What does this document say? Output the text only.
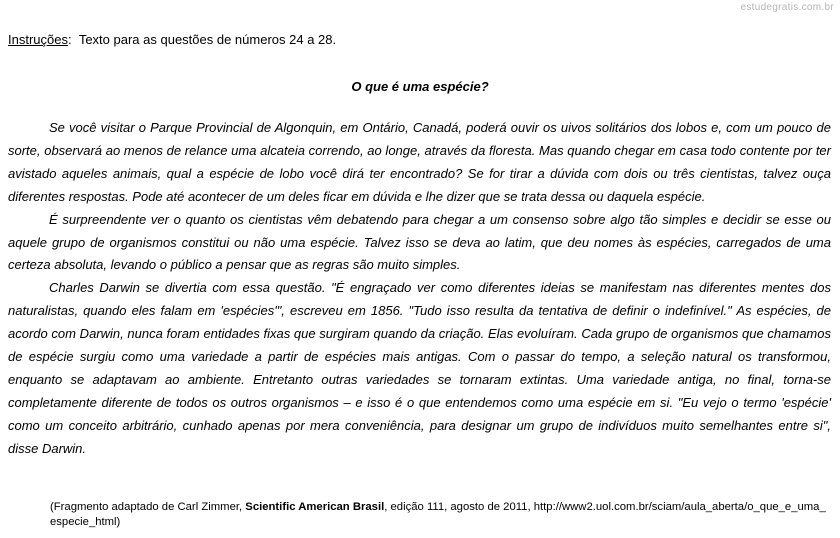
estudegratis.com.br
Instruções:  Texto para as questões de números 24 a 28.
O que é uma espécie?

Se você visitar o Parque Provincial de Algonquin, em Ontário, Canadá, poderá ouvir os uivos solitários dos lobos e, com um pouco de sorte, observará ao menos de relance uma alcateia correndo, ao longe, através da floresta. Mas quando chegar em casa todo contente por ter avistado aqueles animais, qual a espécie de lobo você dirá ter encontrado? Se for tirar a dúvida com dois ou três cientistas, talvez ouça diferentes respostas. Pode até acontecer de um deles ficar em dúvida e lhe dizer que se trata dessa ou daquela espécie.

É surpreendente ver o quanto os cientistas vêm debatendo para chegar a um consenso sobre algo tão simples e decidir se esse ou aquele grupo de organismos constitui ou não uma espécie. Talvez isso se deva ao latim, que deu nomes às espécies, carregados de uma certeza absoluta, levando o público a pensar que as regras são muito simples.

Charles Darwin se divertia com essa questão. "É engraçado ver como diferentes ideias se manifestam nas diferentes mentes dos naturalistas, quando eles falam em 'espécies'", escreveu em 1856. "Tudo isso resulta da tentativa de definir o indefinível." As espécies, de acordo com Darwin, nunca foram entidades fixas que surgiram quando da criação. Elas evoluíram. Cada grupo de organismos que chamamos de espécie surgiu como uma variedade a partir de espécies mais antigas. Com o passar do tempo, a seleção natural os transformou, enquanto se adaptavam ao ambiente. Entretanto outras variedades se tornaram extintas. Uma variedade antiga, no final, torna-se completamente diferente de todos os outros organismos – e isso é o que entendemos como uma espécie em si. "Eu vejo o termo 'espécie' como um conceito arbitrário, cunhado apenas por mera conveniência, para designar um grupo de indivíduos muito semelhantes entre si", disse Darwin.

(Fragmento adaptado de Carl Zimmer, Scientific American Brasil, edição 111, agosto de 2011, http://www2.uol.com.br/sciam/aula_aberta/o_que_e_uma_especie_html)
